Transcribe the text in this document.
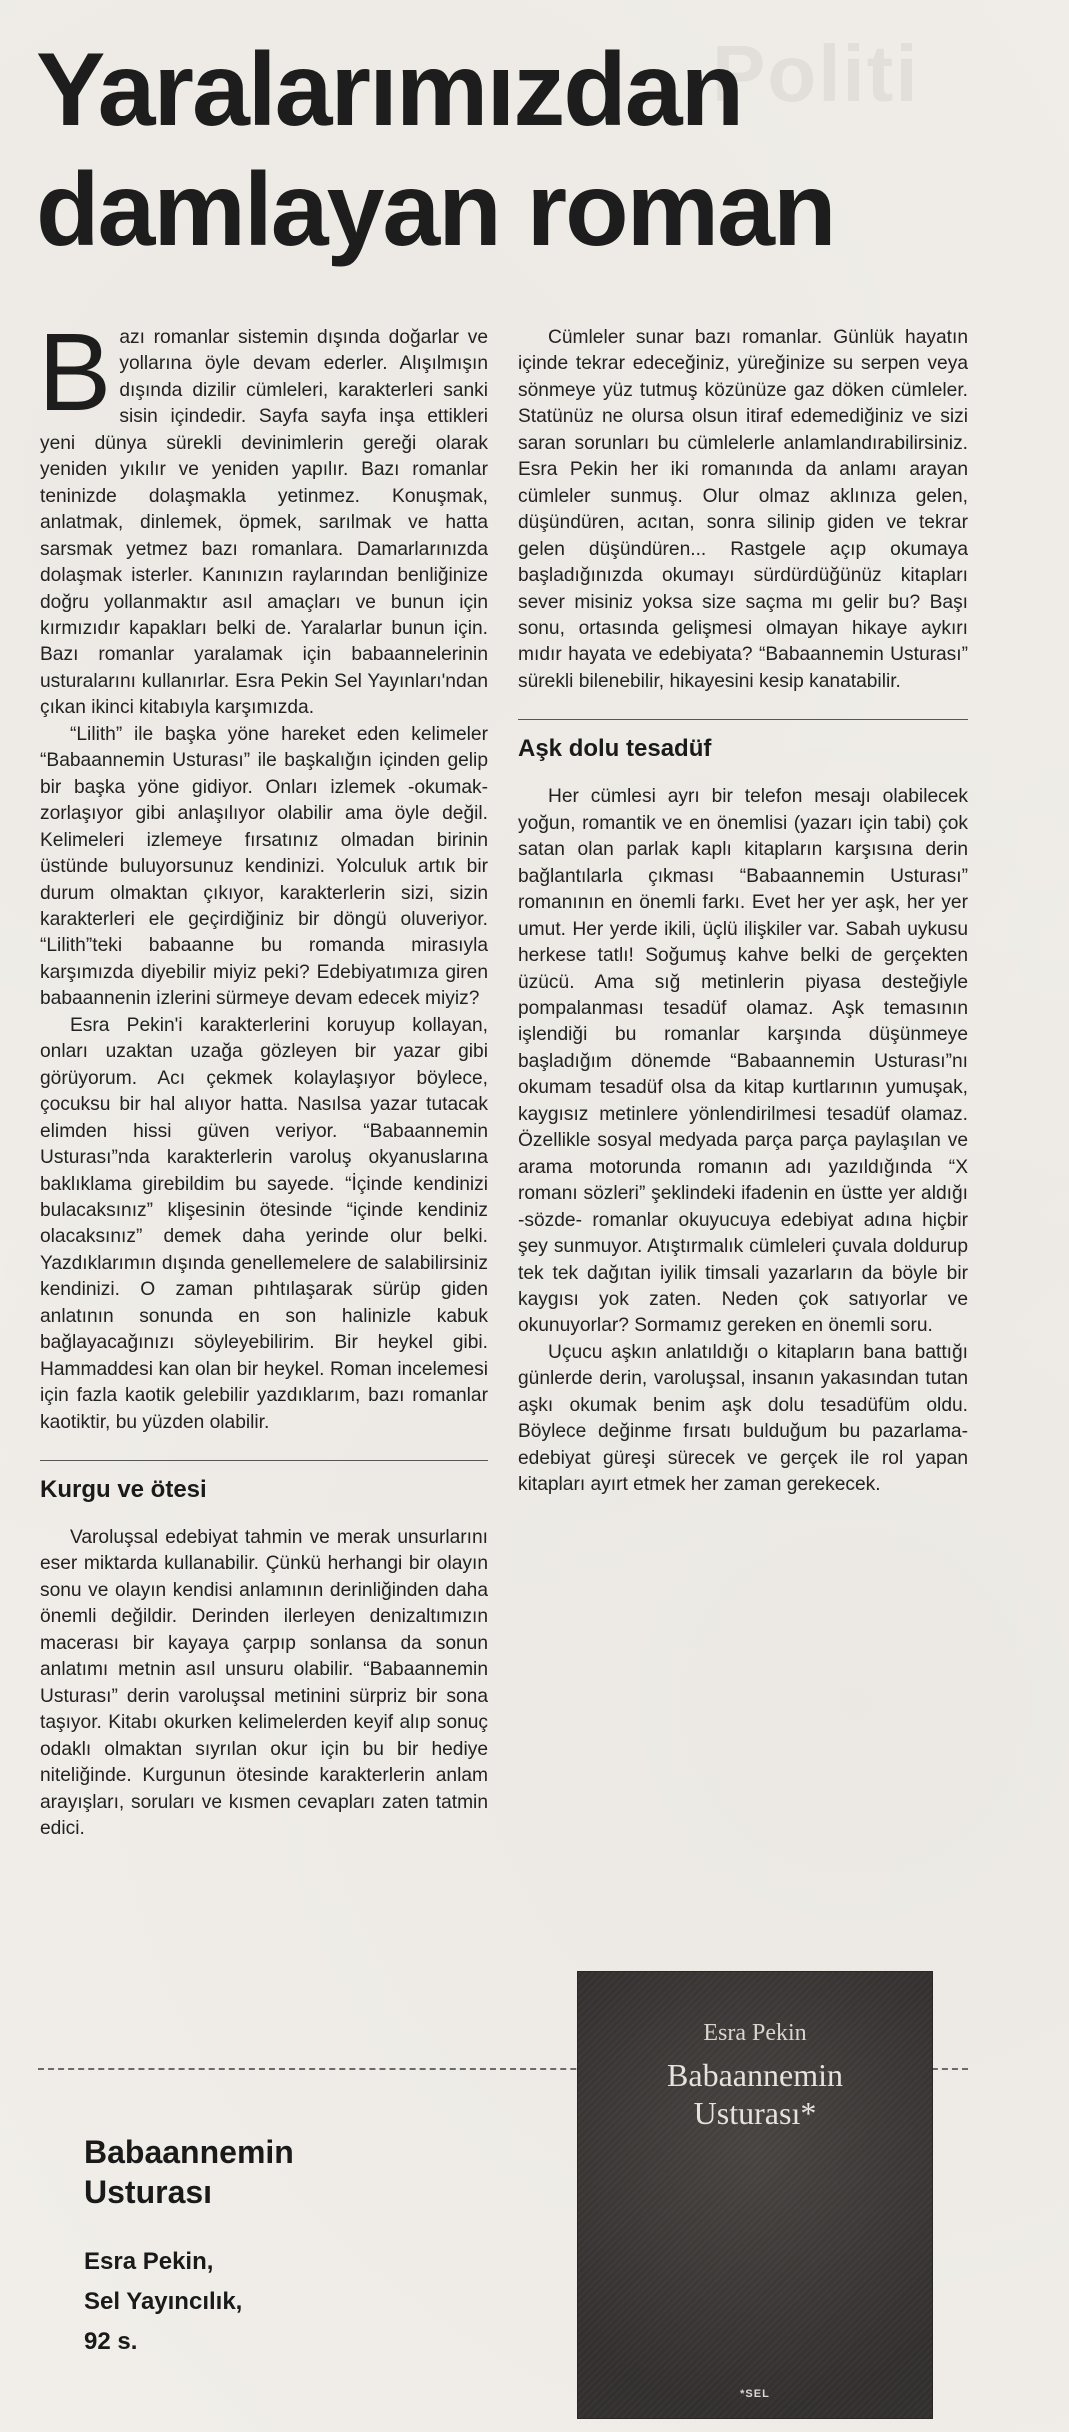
Politi
Yaralarımızdan
damlayan roman

Bazı romanlar sistemin dışında doğarlar ve yollarına öyle devam ederler. Alışılmışın dışında dizilir cümleleri, karakterleri sanki sisin içindedir. Sayfa sayfa inşa ettikleri yeni dünya sürekli devinimlerin gereği olarak yeniden yıkılır ve yeniden yapılır. Bazı romanlar teninizde dolaşmakla yetinmez. Konuşmak, anlatmak, dinlemek, öpmek, sarılmak ve hatta sarsmak yetmez bazı romanlara. Damarlarınızda dolaşmak isterler. Kanınızın raylarından benliğinize doğru yollanmaktır asıl amaçları ve bunun için kırmızıdır kapakları belki de. Yaralarlar bunun için. Bazı romanlar yaralamak için babaannelerinin usturalarını kullanırlar. Esra Pekin Sel Yayınları'ndan çıkan ikinci kitabıyla karşımızda.

“Lilith” ile başka yöne hareket eden kelimeler “Babaannemin Usturası” ile başkalığın içinden gelip bir başka yöne gidiyor. Onları izlemek -okumak- zorlaşıyor gibi anlaşılıyor olabilir ama öyle değil. Kelimeleri izlemeye fırsatınız olmadan birinin üstünde buluyorsunuz kendinizi. Yolculuk artık bir durum olmaktan çıkıyor, karakterlerin sizi, sizin karakterleri ele geçirdiğiniz bir döngü oluveriyor. “Lilith”teki babaanne bu romanda mirasıyla karşımızda diyebilir miyiz peki? Edebiyatımıza giren babaannenin izlerini sürmeye devam edecek miyiz?

Esra Pekin'i karakterlerini koruyup kollayan, onları uzaktan uzağa gözleyen bir yazar gibi görüyorum. Acı çekmek kolaylaşıyor böylece, çocuksu bir hal alıyor hatta. Nasılsa yazar tutacak elimden hissi güven veriyor. “Babaannemin Usturası”nda karakterlerin varoluş okyanuslarına baklıklama girebildim bu sayede. “İçinde kendinizi bulacaksınız” klişesinin ötesinde “içinde kendiniz olacaksınız” demek daha yerinde olur belki. Yazdıklarımın dışında genellemelere de salabilirsiniz kendinizi. O zaman pıhtılaşarak sürüp giden anlatının sonunda en son halinizle kabuk bağlayacağınızı söyleyebilirim. Bir heykel gibi. Hammaddesi kan olan bir heykel. Roman incelemesi için fazla kaotik gelebilir yazdıklarım, bazı romanlar kaotiktir, bu yüzden olabilir.

Kurgu ve ötesi

Varoluşsal edebiyat tahmin ve merak unsurlarını eser miktarda kullanabilir. Çünkü herhangi bir olayın sonu ve olayın kendisi anlamının derinliğinden daha önemli değildir. Derinden ilerleyen denizaltımızın macerası bir kayaya çarpıp sonlansa da sonun anlatımı metnin asıl unsuru olabilir. “Babaannemin Usturası” derin varoluşsal metinini sürpriz bir sona taşıyor. Kitabı okurken kelimelerden keyif alıp sonuç odaklı olmaktan sıyrılan okur için bu bir hediye niteliğinde. Kurgunun ötesinde karakterlerin anlam arayışları, soruları ve kısmen cevapları zaten tatmin edici.

Cümleler sunar bazı romanlar. Günlük hayatın içinde tekrar edeceğiniz, yüreğinize su serpen veya sönmeye yüz tutmuş közünüze gaz döken cümleler. Statünüz ne olursa olsun itiraf edemediğiniz ve sizi saran sorunları bu cümlelerle anlamlandırabilirsiniz. Esra Pekin her iki romanında da anlamı arayan cümleler sunmuş. Olur olmaz aklınıza gelen, düşündüren, acıtan, sonra silinip giden ve tekrar gelen düşündüren... Rastgele açıp okumaya başladığınızda okumayı sürdürdüğünüz kitapları sever misiniz yoksa size saçma mı gelir bu? Başı sonu, ortasında gelişmesi olmayan hikaye aykırı mıdır hayata ve edebiyata? “Babaannemin Usturası” sürekli bilenebilir, hikayesini kesip kanatabilir.

Aşk dolu tesadüf

Her cümlesi ayrı bir telefon mesajı olabilecek yoğun, romantik ve en önemlisi (yazarı için tabi) çok satan olan parlak kaplı kitapların karşısına derin bağlantılarla çıkması “Babaannemin Usturası” romanının en önemli farkı. Evet her yer aşk, her yer umut. Her yerde ikili, üçlü ilişkiler var. Sabah uykusu herkese tatlı! Soğumuş kahve belki de gerçekten üzücü. Ama sığ metinlerin piyasa desteğiyle pompalanması tesadüf olamaz. Aşk temasının işlendiği bu romanlar karşında düşünmeye başladığım dönemde “Babaannemin Usturası”nı okumam tesadüf olsa da kitap kurtlarının yumuşak, kaygısız metinlere yönlendirilmesi tesadüf olamaz. Özellikle sosyal medyada parça parça paylaşılan ve arama motorunda romanın adı yazıldığında “X romanı sözleri” şeklindeki ifadenin en üstte yer aldığı -sözde- romanlar okuyucuya edebiyat adına hiçbir şey sunmuyor. Atıştırmalık cümleleri çuvala doldurup tek tek dağıtan iyilik timsali yazarların da böyle bir kaygısı yok zaten. Neden çok satıyorlar ve okunuyorlar? Sormamız gereken en önemli soru.

Uçucu aşkın anlatıldığı o kitapların bana battığı günlerde derin, varoluşsal, insanın yakasından tutan aşkı okumak benim aşk dolu tesadüfüm oldu. Böylece değinme fırsatı bulduğum bu pazarlama-edebiyat güreşi sürecek ve gerçek ile rol yapan kitapları ayırt etmek her zaman gerekecek.

Babaannemin
Usturası
Esra Pekin,
Sel Yayıncılık,
92 s.
Esra Pekin
Babaannemin
Usturası*
*SEL
